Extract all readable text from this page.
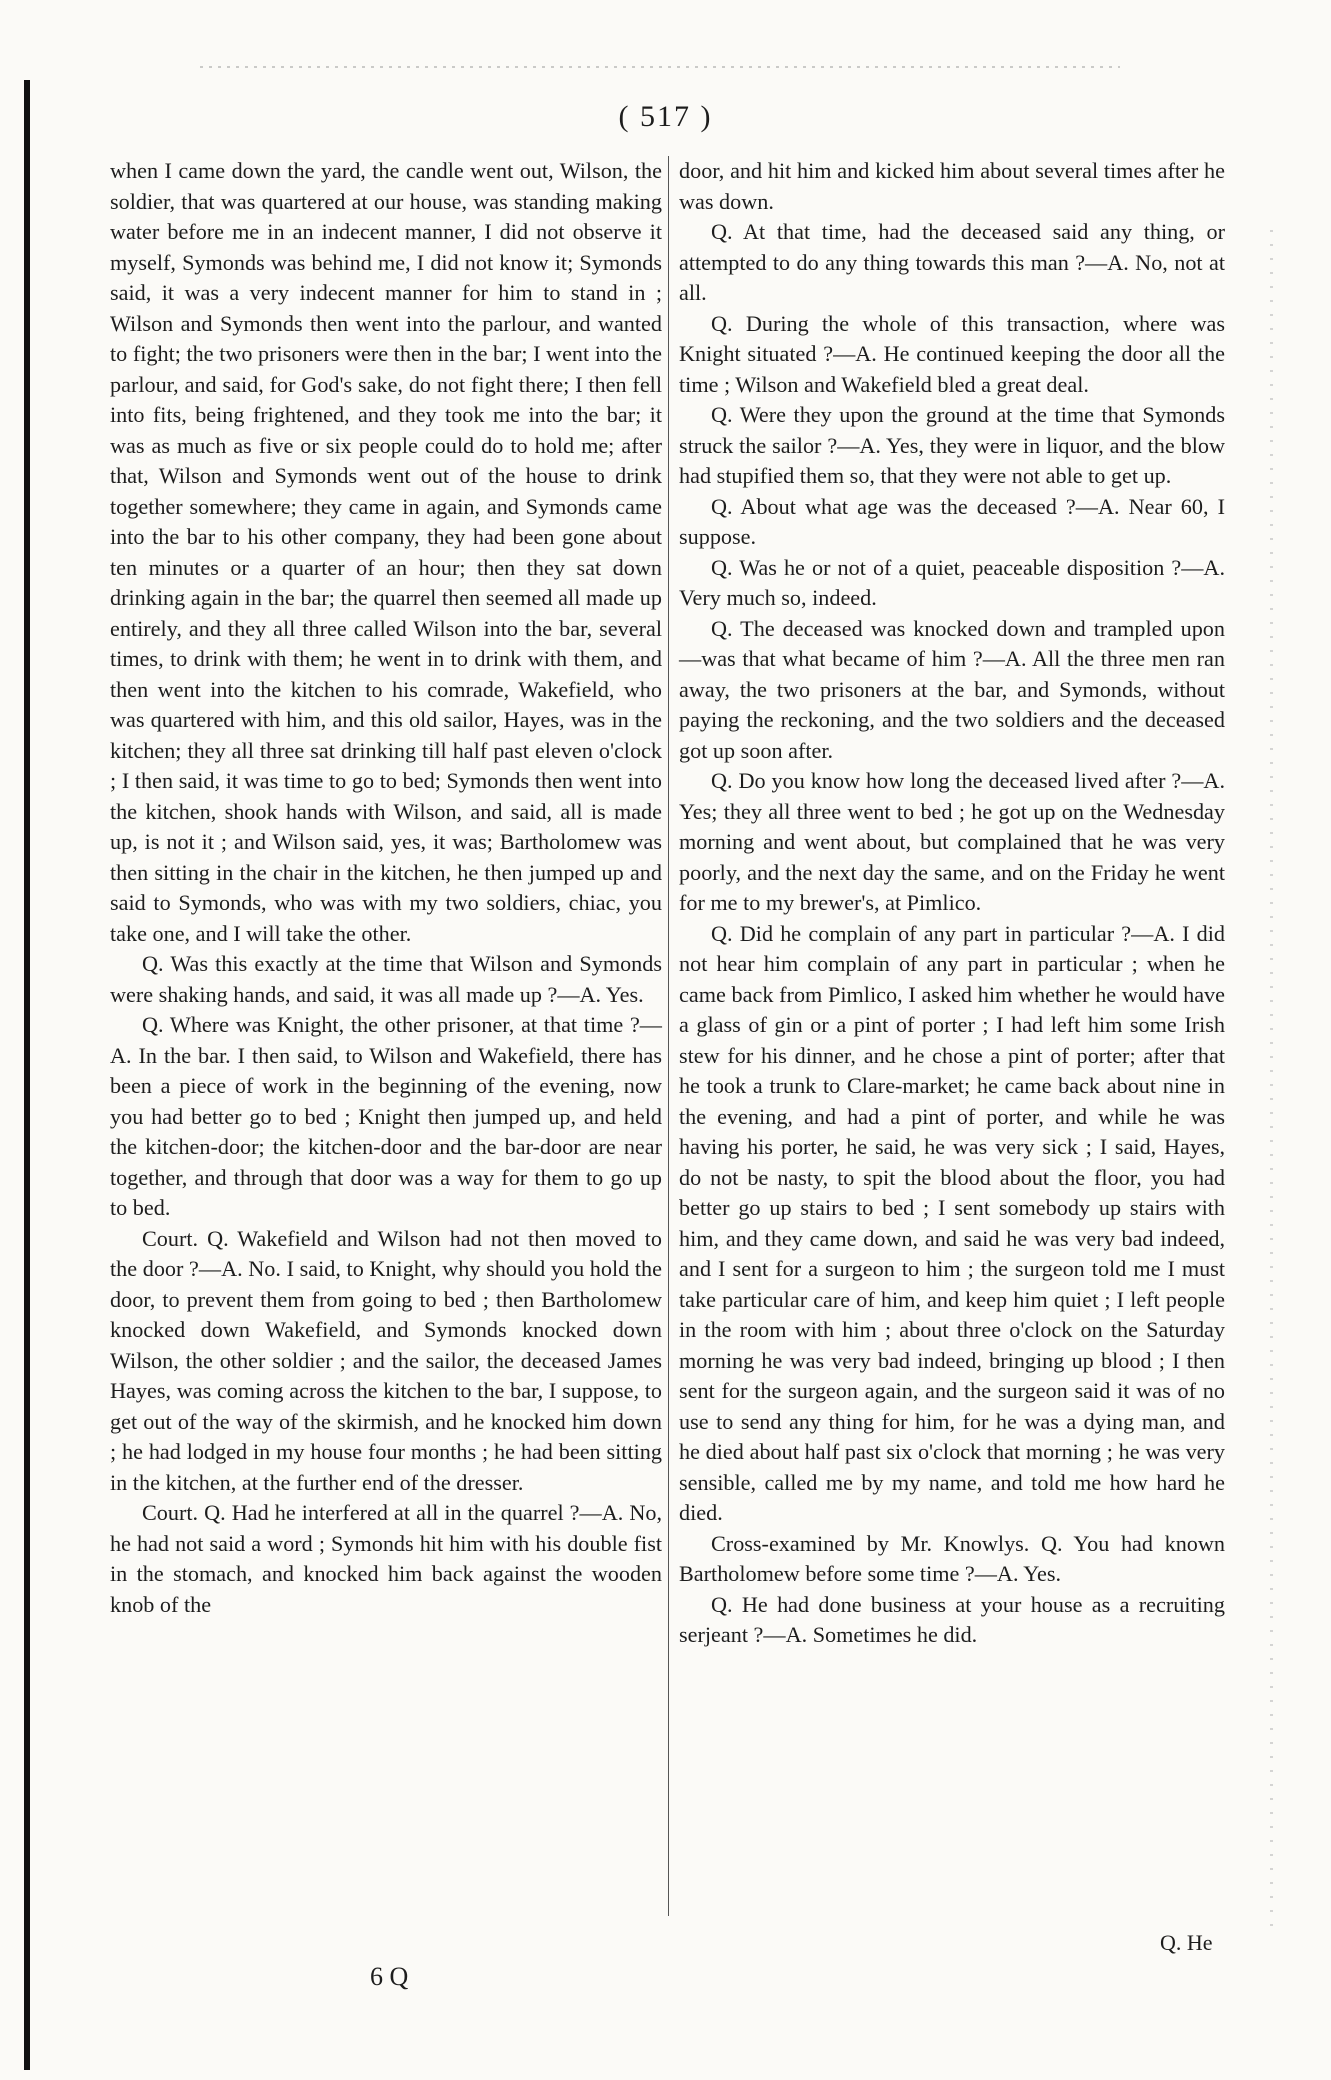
( 517 )

when I came down the yard, the candle went out, Wilson, the soldier, that was quartered at our house, was standing making water before me in an indecent manner, I did not observe it myself, Symonds was behind me, I did not know it; Symonds said, it was a very indecent manner for him to stand in ; Wilson and Symonds then went into the parlour, and wanted to fight; the two prisoners were then in the bar; I went into the parlour, and said, for God's sake, do not fight there; I then fell into fits, being frightened, and they took me into the bar; it was as much as five or six people could do to hold me; after that, Wilson and Symonds went out of the house to drink together somewhere; they came in again, and Symonds came into the bar to his other company, they had been gone about ten minutes or a quarter of an hour; then they sat down drinking again in the bar; the quarrel then seemed all made up entirely, and they all three called Wilson into the bar, several times, to drink with them; he went in to drink with them, and then went into the kitchen to his comrade, Wakefield, who was quartered with him, and this old sailor, Hayes, was in the kitchen; they all three sat drinking till half past eleven o'clock ; I then said, it was time to go to bed; Symonds then went into the kitchen, shook hands with Wilson, and said, all is made up, is not it ; and Wilson said, yes, it was; Bartholomew was then sitting in the chair in the kitchen, he then jumped up and said to Symonds, who was with my two soldiers, chiac, you take one, and I will take the other.

Q. Was this exactly at the time that Wilson and Symonds were shaking hands, and said, it was all made up ?—A. Yes.

Q. Where was Knight, the other prisoner, at that time ?—A. In the bar. I then said, to Wilson and Wakefield, there has been a piece of work in the beginning of the evening, now you had better go to bed ; Knight then jumped up, and held the kitchen-door; the kitchen-door and the bar-door are near together, and through that door was a way for them to go up to bed.

Court. Q. Wakefield and Wilson had not then moved to the door ?—A. No. I said, to Knight, why should you hold the door, to prevent them from going to bed ; then Bartholomew knocked down Wakefield, and Symonds knocked down Wilson, the other soldier ; and the sailor, the deceased James Hayes, was coming across the kitchen to the bar, I suppose, to get out of the way of the skirmish, and he knocked him down ; he had lodged in my house four months ; he had been sitting in the kitchen, at the further end of the dresser.

Court. Q. Had he interfered at all in the quarrel ?—A. No, he had not said a word ; Symonds hit him with his double fist in the stomach, and knocked him back against the wooden knob of the

door, and hit him and kicked him about several times after he was down.

Q. At that time, had the deceased said any thing, or attempted to do any thing towards this man ?—A. No, not at all.

Q. During the whole of this transaction, where was Knight situated ?—A. He continued keeping the door all the time ; Wilson and Wakefield bled a great deal.

Q. Were they upon the ground at the time that Symonds struck the sailor ?—A. Yes, they were in liquor, and the blow had stupified them so, that they were not able to get up.

Q. About what age was the deceased ?—A. Near 60, I suppose.

Q. Was he or not of a quiet, peaceable disposition ?—A. Very much so, indeed.

Q. The deceased was knocked down and trampled upon—was that what became of him ?—A. All the three men ran away, the two prisoners at the bar, and Symonds, without paying the reckoning, and the two soldiers and the deceased got up soon after.

Q. Do you know how long the deceased lived after ?—A. Yes; they all three went to bed ; he got up on the Wednesday morning and went about, but complained that he was very poorly, and the next day the same, and on the Friday he went for me to my brewer's, at Pimlico.

Q. Did he complain of any part in particular ?—A. I did not hear him complain of any part in particular ; when he came back from Pimlico, I asked him whether he would have a glass of gin or a pint of porter ; I had left him some Irish stew for his dinner, and he chose a pint of porter; after that he took a trunk to Clare-market; he came back about nine in the evening, and had a pint of porter, and while he was having his porter, he said, he was very sick ; I said, Hayes, do not be nasty, to spit the blood about the floor, you had better go up stairs to bed ; I sent somebody up stairs with him, and they came down, and said he was very bad indeed, and I sent for a surgeon to him ; the surgeon told me I must take particular care of him, and keep him quiet ; I left people in the room with him ; about three o'clock on the Saturday morning he was very bad indeed, bringing up blood ; I then sent for the surgeon again, and the surgeon said it was of no use to send any thing for him, for he was a dying man, and he died about half past six o'clock that morning ; he was very sensible, called me by my name, and told me how hard he died.

Cross-examined by Mr. Knowlys. Q. You had known Bartholomew before some time ?—A. Yes.

Q. He had done business at your house as a recruiting serjeant ?—A. Sometimes he did.

Q. He
6 Q
